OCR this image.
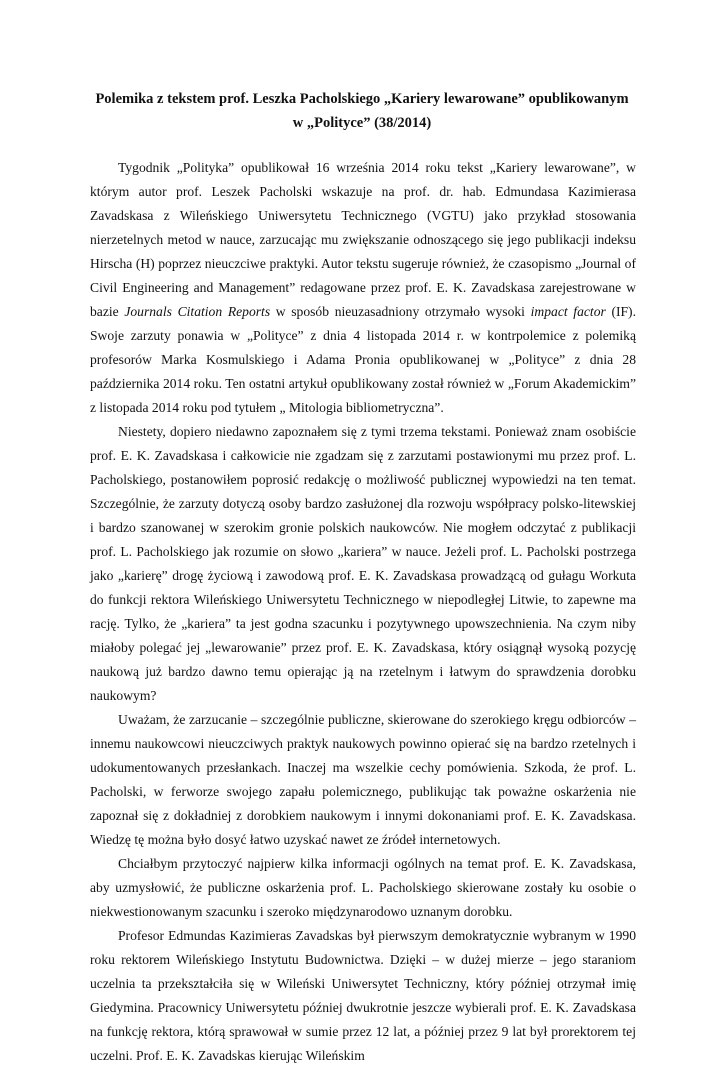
Polemika z tekstem prof. Leszka Pacholskiego „Kariery lewarowane” opublikowanym
w „Polityce” (38/2014)

Tygodnik „Polityka” opublikował 16 września 2014 roku tekst „Kariery lewarowane”, w którym autor prof. Leszek Pacholski wskazuje na prof. dr. hab. Edmundasa Kazimierasa Zavadskasa z Wileńskiego Uniwersytetu Technicznego (VGTU) jako przykład stosowania nierzetelnych metod w nauce, zarzucając mu zwiększanie odnoszącego się jego publikacji indeksu Hirscha (H) poprzez nieuczciwe praktyki. Autor tekstu sugeruje również, że czasopismo „Journal of Civil Engineering and Management” redagowane przez prof. E. K. Zavadskasa zarejestrowane w bazie Journals Citation Reports w sposób nieuzasadniony otrzymało wysoki impact factor (IF). Swoje zarzuty ponawia w „Polityce” z dnia 4 listopada 2014 r. w kontrpolemice z polemiką profesorów Marka Kosmulskiego i Adama Pronia opublikowanej w „Polityce” z dnia 28 października 2014 roku. Ten ostatni artykuł opublikowany został również w „Forum Akademickim” z listopada 2014 roku pod tytułem „ Mitologia bibliometryczna”.

Niestety, dopiero niedawno zapoznałem się z tymi trzema tekstami. Ponieważ znam osobiście prof. E. K. Zavadskasa i całkowicie nie zgadzam się z zarzutami postawionymi mu przez prof. L. Pacholskiego, postanowiłem poprosić redakcję o możliwość publicznej wypowiedzi na ten temat. Szczególnie, że zarzuty dotyczą osoby bardzo zasłużonej dla rozwoju współpracy polsko-litewskiej i bardzo szanowanej w szerokim gronie polskich naukowców. Nie mogłem odczytać z publikacji prof. L. Pacholskiego jak rozumie on słowo „kariera” w nauce. Jeżeli prof. L. Pacholski postrzega jako „karierę” drogę życiową i zawodową prof. E. K. Zavadskasa prowadzącą od gułagu Workuta do funkcji rektora Wileńskiego Uniwersytetu Technicznego w niepodległej Litwie, to zapewne ma rację. Tylko, że „kariera” ta jest godna szacunku i pozytywnego upowszechnienia. Na czym niby miałoby polegać jej „lewarowanie” przez prof. E. K. Zavadskasa, który osiągnął wysoką pozycję naukową już bardzo dawno temu opierając ją na rzetelnym i łatwym do sprawdzenia dorobku naukowym?

Uważam, że zarzucanie – szczególnie publiczne, skierowane do szerokiego kręgu odbiorców – innemu naukowcowi nieuczciwych praktyk naukowych powinno opierać się na bardzo rzetelnych i udokumentowanych przesłankach. Inaczej ma wszelkie cechy pomówienia. Szkoda, że prof. L. Pacholski, w ferworze swojego zapału polemicznego, publikując tak poważne oskarżenia nie zapoznał się z dokładniej z dorobkiem naukowym i innymi dokonaniami prof. E. K. Zavadskasa. Wiedzę tę można było dosyć łatwo uzyskać nawet ze źródeł internetowych.

Chciałbym przytoczyć najpierw kilka informacji ogólnych na temat prof. E. K. Zavadskasa, aby uzmysłowić, że publiczne oskarżenia prof. L. Pacholskiego skierowane zostały ku osobie o niekwestionowanym szacunku i szeroko międzynarodowo uznanym dorobku.

Profesor Edmundas Kazimieras Zavadskas był pierwszym demokratycznie wybranym w 1990 roku rektorem Wileńskiego Instytutu Budownictwa. Dzięki – w dużej mierze – jego staraniom uczelnia ta przekształciła się w Wileński Uniwersytet Techniczny, który później otrzymał imię Giedymina. Pracownicy Uniwersytetu później dwukrotnie jeszcze wybierali prof. E. K. Zavadskasa na funkcję rektora, którą sprawował w sumie przez 12 lat, a później przez 9 lat był prorektorem tej uczelni. Prof. E. K. Zavadskas kierując Wileńskim
